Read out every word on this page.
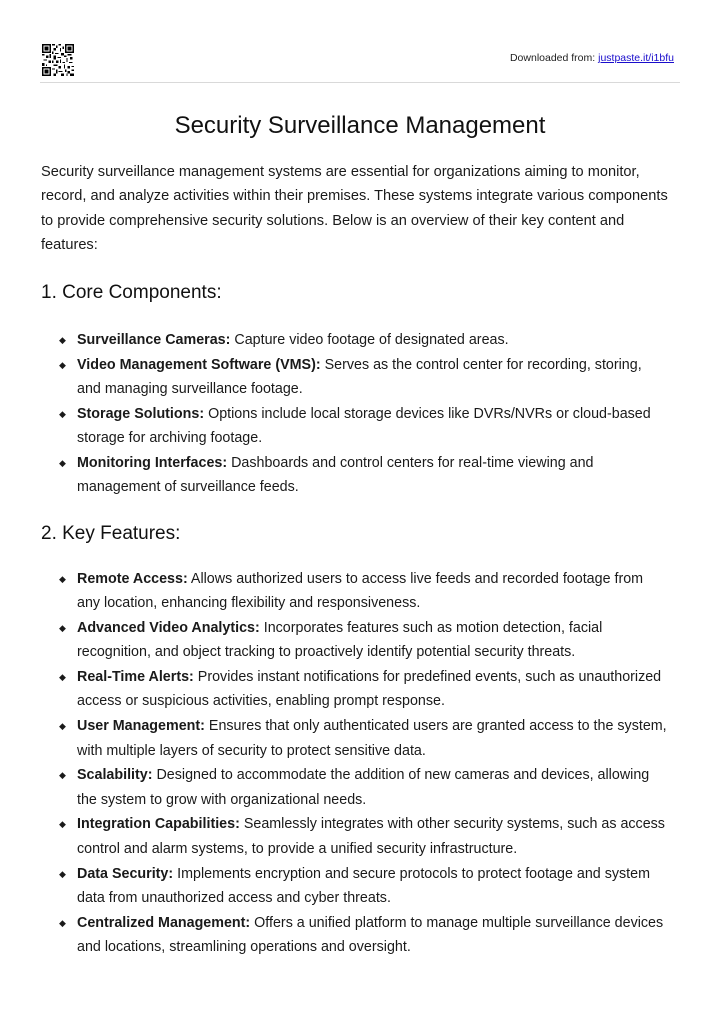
Downloaded from: justpaste.it/i1bfu
Security Surveillance Management

Security surveillance management systems are essential for organizations aiming to monitor, record, and analyze activities within their premises. These systems integrate various components to provide comprehensive security solutions. Below is an overview of their key content and features:

1. Core Components:
◆ Surveillance Cameras: Capture video footage of designated areas.
◆ Video Management Software (VMS): Serves as the control center for recording, storing, and managing surveillance footage.
◆ Storage Solutions: Options include local storage devices like DVRs/NVRs or cloud-based storage for archiving footage.
◆ Monitoring Interfaces: Dashboards and control centers for real-time viewing and management of surveillance feeds.
2. Key Features:
◆ Remote Access: Allows authorized users to access live feeds and recorded footage from any location, enhancing flexibility and responsiveness.
◆ Advanced Video Analytics: Incorporates features such as motion detection, facial recognition, and object tracking to proactively identify potential security threats.
◆ Real-Time Alerts: Provides instant notifications for predefined events, such as unauthorized access or suspicious activities, enabling prompt response.
◆ User Management: Ensures that only authenticated users are granted access to the system, with multiple layers of security to protect sensitive data.
◆ Scalability: Designed to accommodate the addition of new cameras and devices, allowing the system to grow with organizational needs.
◆ Integration Capabilities: Seamlessly integrates with other security systems, such as access control and alarm systems, to provide a unified security infrastructure.
◆ Data Security: Implements encryption and secure protocols to protect footage and system data from unauthorized access and cyber threats.
◆ Centralized Management: Offers a unified platform to manage multiple surveillance devices and locations, streamlining operations and oversight.
